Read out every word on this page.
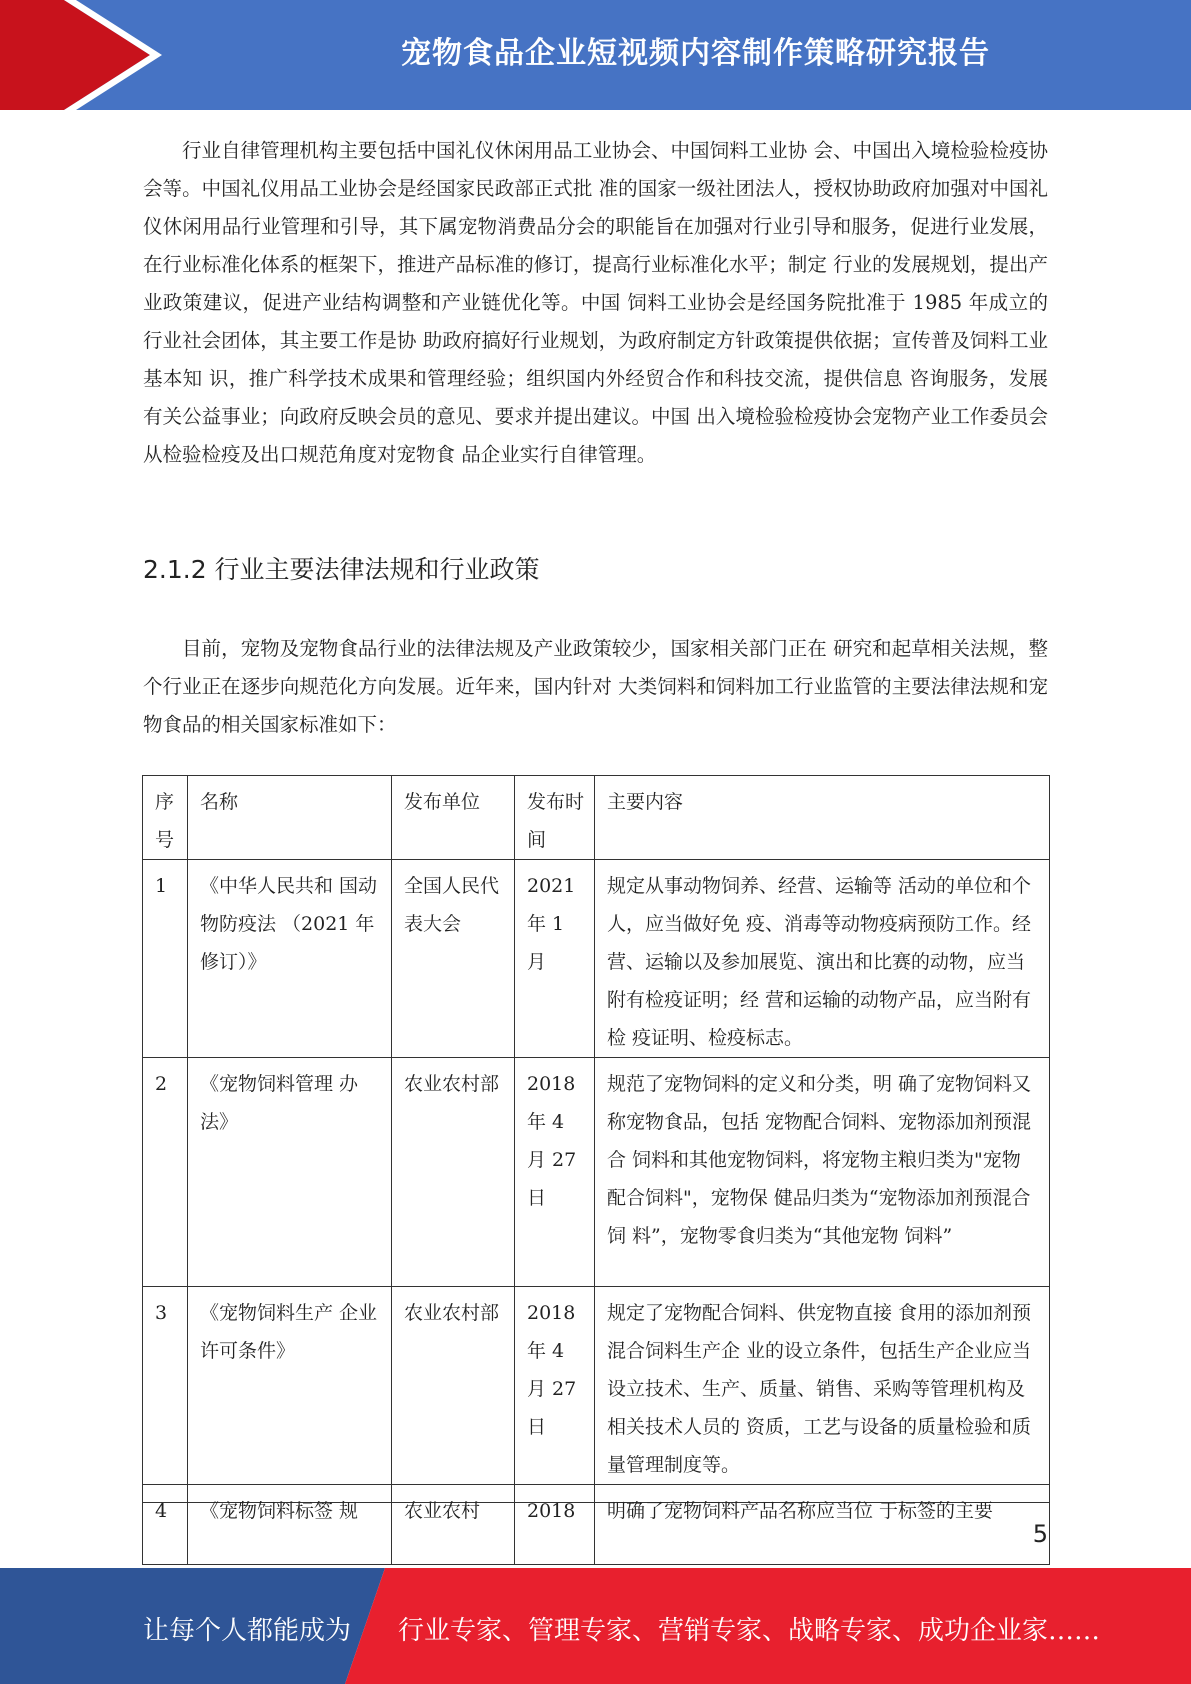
宠物食品企业短视频内容制作策略研究报告

行业自律管理机构主要包括中国礼仪休闲用品工业协会、中国饲料工业协 会、中国出入境检验检疫协会等。中国礼仪用品工业协会是经国家民政部正式批 准的国家一级社团法人，授权协助政府加强对中国礼仪休闲用品行业管理和引导，其下属宠物消费品分会的职能旨在加强对行业引导和服务，促进行业发展， 在行业标准化体系的框架下，推进产品标准的修订，提高行业标准化水平；制定 行业的发展规划，提出产业政策建议，促进产业结构调整和产业链优化等。中国 饲料工业协会是经国务院批准于 1985 年成立的行业社会团体，其主要工作是协 助政府搞好行业规划，为政府制定方针政策提供依据；宣传普及饲料工业基本知 识，推广科学技术成果和管理经验；组织国内外经贸合作和科技交流，提供信息 咨询服务，发展有关公益事业；向政府反映会员的意见、要求并提出建议。中国 出入境检验检疫协会宠物产业工作委员会从检验检疫及出口规范角度对宠物食 品企业实行自律管理。

2.1.2 行业主要法律法规和行业政策

目前，宠物及宠物食品行业的法律法规及产业政策较少，国家相关部门正在 研究和起草相关法规，整个行业正在逐步向规范化方向发展。近年来，国内针对 大类饲料和饲料加工行业监管的主要法律法规和宠物食品的相关国家标准如下：

序号	名称	发布单位	发布时间	主要内容
1	《中华人民共和 国动物防疫法 （2021 年修订）》	全国人民代 表大会	2021 年 1 月	规定从事动物饲养、经营、运输等 活动的单位和个人，应当做好免 疫、消毒等动物疫病预防工作。经 营、运输以及参加展览、演出和比赛的动物，应当附有检疫证明；经 营和运输的动物产品，应当附有检 疫证明、检疫标志。
2	《宠物饲料管理 办法》	农业农村部	2018 年 4 月 27 日	规范了宠物饲料的定义和分类，明 确了宠物饲料又称宠物食品，包括 宠物配合饲料、宠物添加剂预混合 饲料和其他宠物饲料，将宠物主粮归类为"宠物配合饲料"，宠物保 健品归类为“宠物添加剂预混合饲 料”，宠物零食归类为“其他宠物 饲料”
3	《宠物饲料生产 企业许可条件》	农业农村部	2018 年 4 月 27 日	规定了宠物配合饲料、供宠物直接 食用的添加剂预混合饲料生产企 业的设立条件，包括生产企业应当 设立技术、生产、质量、销售、采购等管理机构及相关技术人员的 资质，工艺与设备的质量检验和质 量管理制度等。
4	《宠物饲料标签 规	农业农村	2018	明确了宠物饲料产品名称应当位 于标签的主要
5
让每个人都能成为 行业专家、管理专家、营销专家、战略专家、成功企业家……
